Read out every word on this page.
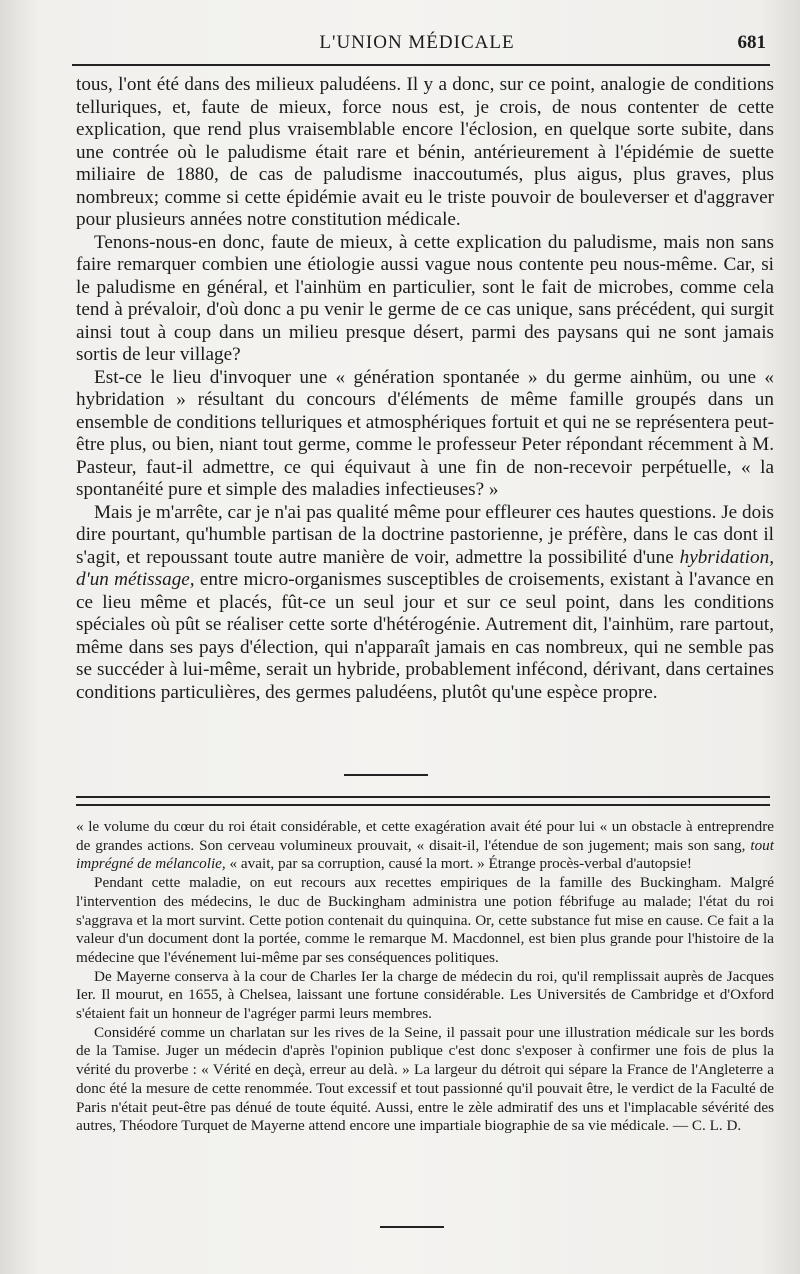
L'UNION MÉDICALE	681

tous, l'ont été dans des milieux paludéens. Il y a donc, sur ce point, analogie de conditions telluriques, et, faute de mieux, force nous est, je crois, de nous contenter de cette explication, que rend plus vraisemblable encore l'éclosion, en quelque sorte subite, dans une contrée où le paludisme était rare et bénin, antérieurement à l'épidémie de suette miliaire de 1880, de cas de paludisme inaccoutumés, plus aigus, plus graves, plus nombreux; comme si cette épidémie avait eu le triste pouvoir de bouleverser et d'aggraver pour plusieurs années notre constitution médicale.

Tenons-nous-en donc, faute de mieux, à cette explication du paludisme, mais non sans faire remarquer combien une étiologie aussi vague nous contente peu nous-même. Car, si le paludisme en général, et l'ainhüm en particulier, sont le fait de microbes, comme cela tend à prévaloir, d'où donc a pu venir le germe de ce cas unique, sans précédent, qui surgit ainsi tout à coup dans un milieu presque désert, parmi des paysans qui ne sont jamais sortis de leur village?

Est-ce le lieu d'invoquer une « génération spontanée » du germe ainhüm, ou une « hybridation » résultant du concours d'éléments de même famille groupés dans un ensemble de conditions telluriques et atmosphériques fortuit et qui ne se représentera peut-être plus, ou bien, niant tout germe, comme le professeur Peter répondant récemment à M. Pasteur, faut-il admettre, ce qui équivaut à une fin de non-recevoir perpétuelle, « la spontanéité pure et simple des maladies infectieuses? »

Mais je m'arrête, car je n'ai pas qualité même pour effleurer ces hautes questions. Je dois dire pourtant, qu'humble partisan de la doctrine pastorienne, je préfère, dans le cas dont il s'agit, et repoussant toute autre manière de voir, admettre la possibilité d'une hybridation, d'un métissage, entre micro-organismes susceptibles de croisements, existant à l'avance en ce lieu même et placés, fût-ce un seul jour et sur ce seul point, dans les conditions spéciales où pût se réaliser cette sorte d'hétérogénie. Autrement dit, l'ainhüm, rare partout, même dans ses pays d'élection, qui n'apparaît jamais en cas nombreux, qui ne semble pas se succéder à lui-même, serait un hybride, probablement infécond, dérivant, dans certaines conditions particulières, des germes paludéens, plutôt qu'une espèce propre.

« le volume du cœur du roi était considérable, et cette exagération avait été pour lui « un obstacle à entreprendre de grandes actions. Son cerveau volumineux prouvait, « disait-il, l'étendue de son jugement; mais son sang, tout imprégné de mélancolie, « avait, par sa corruption, causé la mort. » Étrange procès-verbal d'autopsie!

Pendant cette maladie, on eut recours aux recettes empiriques de la famille des Buckingham. Malgré l'intervention des médecins, le duc de Buckingham administra une potion fébrifuge au malade; l'état du roi s'aggrava et la mort survint. Cette potion contenait du quinquina. Or, cette substance fut mise en cause. Ce fait a la valeur d'un document dont la portée, comme le remarque M. Macdonnel, est bien plus grande pour l'histoire de la médecine que l'événement lui-même par ses conséquences politiques.

De Mayerne conserva à la cour de Charles Ier la charge de médecin du roi, qu'il remplissait auprès de Jacques Ier. Il mourut, en 1655, à Chelsea, laissant une fortune considérable. Les Universités de Cambridge et d'Oxford s'étaient fait un honneur de l'agréger parmi leurs membres.

Considéré comme un charlatan sur les rives de la Seine, il passait pour une illustration médicale sur les bords de la Tamise. Juger un médecin d'après l'opinion publique c'est donc s'exposer à confirmer une fois de plus la vérité du proverbe : « Vérité en deçà, erreur au delà. » La largeur du détroit qui sépare la France de l'Angleterre a donc été la mesure de cette renommée. Tout excessif et tout passionné qu'il pouvait être, le verdict de la Faculté de Paris n'était peut-être pas dénué de toute équité. Aussi, entre le zèle admiratif des uns et l'implacable sévérité des autres, Théodore Turquet de Mayerne attend encore une impartiale biographie de sa vie médicale. — C. L. D.
